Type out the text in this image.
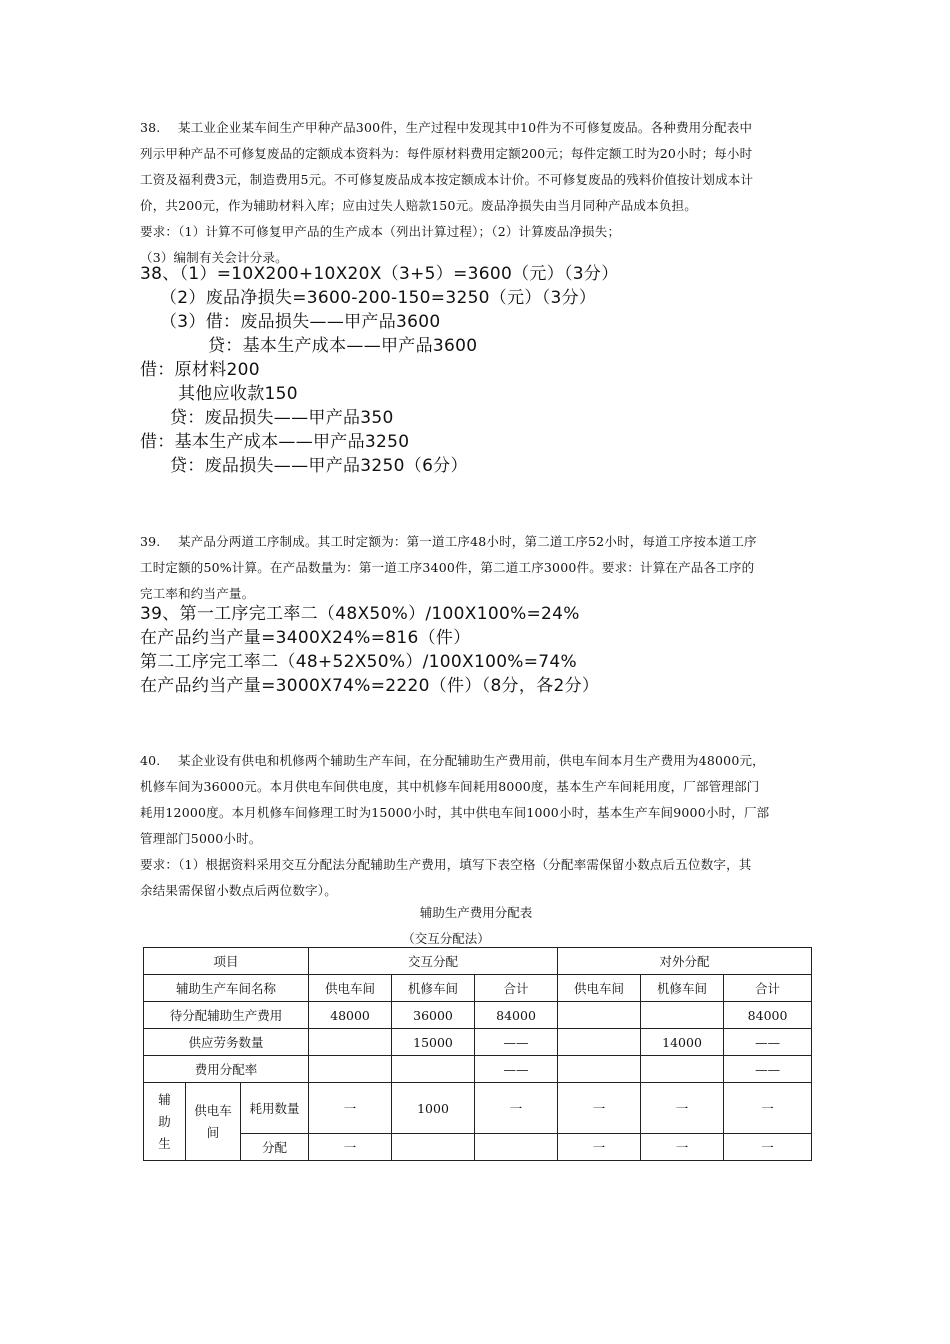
38. 某工业企业某车间生产甲种产品300件，生产过程中发现其中10件为不可修复废品。各种费用分配表中

列示甲种产品不可修复废品的定额成本资料为：每件原材料费用定额200元；每件定额工时为20小时；每小时

工资及福利费3元，制造费用5元。不可修复废品成本按定额成本计价。不可修复废品的残料价值按计划成本计

价，共200元，作为辅助材料入库；应由过失人赔款150元。废品净损失由当月同种产品成本负担。

要求：（1）计算不可修复甲产品的生产成本（列出计算过程）；（2）计算废品净损失；

（3）编制有关会计分录。

38、（1）=10X200+10X20X（3+5）=3600（元）（3分）

（2）废品净损失=3600-200-150=3250（元）（3分）

（3）借：废品损失——甲产品3600

贷：基本生产成本——甲产品3600

借：原材料200

其他应收款150

贷：废品损失——甲产品350

借：基本生产成本——甲产品3250

贷：废品损失——甲产品3250（6分）

39. 某产品分两道工序制成。其工时定额为：第一道工序48小时，第二道工序52小时，每道工序按本道工序

工时定额的50%计算。在产品数量为：第一道工序3400件，第二道工序3000件。要求：计算在产品各工序的

完工率和约当产量。

39、第一工序完工率二（48X50%）/100X100%=24%

在产品约当产量=3400X24%=816（件）

第二工序完工率二（48+52X50%）/100X100%=74%

在产品约当产量=3000X74%=2220（件）（8分，各2分）

40. 某企业设有供电和机修两个辅助生产车间，在分配辅助生产费用前，供电车间本月生产费用为48000元，

机修车间为36000元。本月供电车间供电度，其中机修车间耗用8000度，基本生产车间耗用度，厂部管理部门

耗用12000度。本月机修车间修理工时为15000小时，其中供电车间1000小时，基本生产车间9000小时，厂部

管理部门5000小时。

要求：（1）根据资料采用交互分配法分配辅助生产费用，填写下表空格（分配率需保留小数点后五位数字，其

余结果需保留小数点后两位数字）。

辅助生产费用分配表
（交互分配法）
项目			交互分配			对外分配		
辅助生产车间名称			供电车间	机修车间	合计	供电车间	机修车间	合计
待分配辅助生产费用			48000	36000	84000			84000
供应劳务数量				15000	——		14000	——
费用分配率					——			——

辅
助
生	供电车间	耗用数量	一	1000	一	一	一	一
		分配	一			一	一	一
